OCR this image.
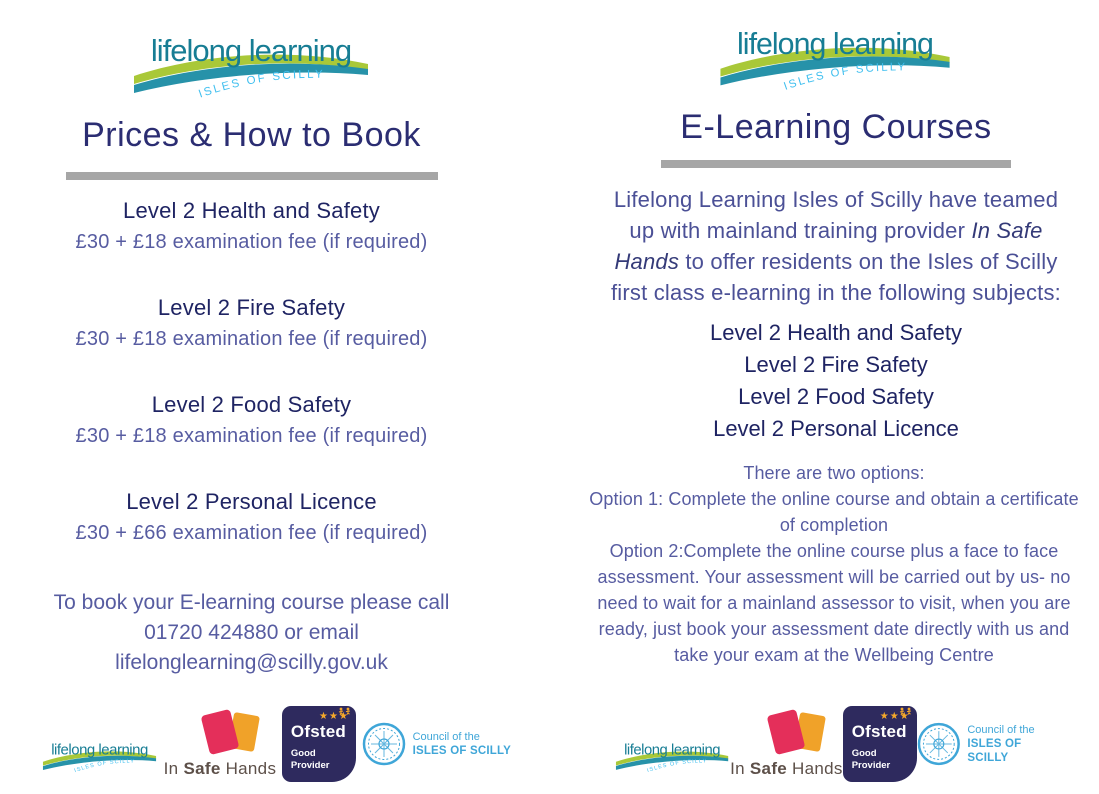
lifelong learning
ISLES OF SCILLY
Prices & How to Book
Level 2 Health and Safety
£30 + £18 examination fee (if required)
Level 2 Fire Safety
£30 + £18 examination fee (if required)
Level 2 Food Safety
£30 + £18 examination fee (if required)
Level 2 Personal Licence
£30 + £66 examination fee (if required)
To book your E-learning course please call
01720 424880 or email
lifelonglearning@scilly.gov.uk
lifelong learning
ISLES OF SCILLY In Safe Hands
★★★
Ofsted
Good
Provider
Council of the
ISLES OF SCILLY
lifelong learning
ISLES OF SCILLY
E-Learning Courses

Lifelong Learning Isles of Scilly have teamed up with mainland training provider In Safe Hands to offer residents on the Isles of Scilly first class e-learning in the following subjects:

Level 2 Health and Safety
Level 2 Fire Safety
Level 2 Food Safety
Level 2 Personal Licence
There are two options:
Option 1: Complete the online course and obtain a certificate of completion
Option 2:Complete the online course plus a face to face assessment. Your assessment will be carried out by us- no need to wait for a mainland assessor to visit, when you are ready, just book your assessment date directly with us and take your exam at the Wellbeing Centre
lifelong learning
ISLES OF SCILLY In Safe Hands
★★★
Ofsted
Good
Provider
Council of the
ISLES OF SCILLY
